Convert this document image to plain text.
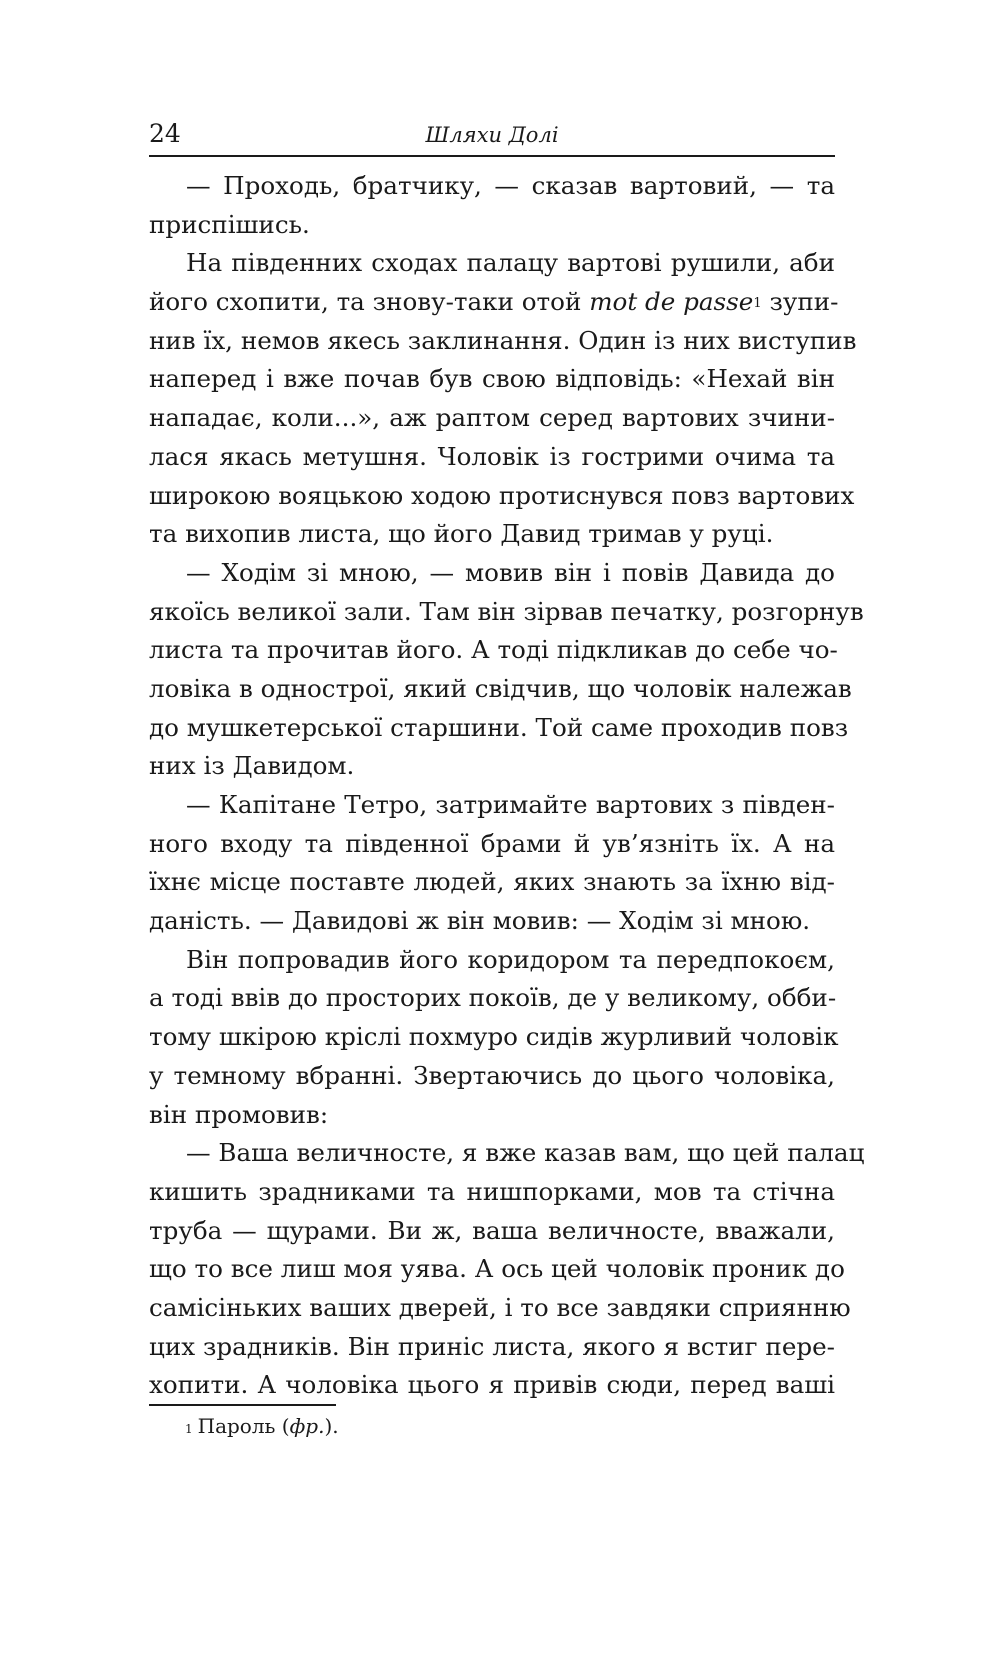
24	Шляхи Долі
— Проходь, братчику, — сказав вартовий, — та
приспішись.
На південних сходах палацу вартові рушили, аби
його схопити, та знову-таки отой mot de passe$^1$ зупи-
нив їх, немов якесь заклинання. Один із них виступив
наперед і вже почав був свою відповідь: «Нехай він
нападає, коли...», аж раптом серед вартових зчини-
лася якась метушня. Чоловік із гострими очима та
широкою вояцькою ходою протиснувся повз вартових
та вихопив листа, що його Давид тримав у руці.
— Ходім зі мною, — мовив він і повів Давида до
якоїсь великої зали. Там він зірвав печатку, розгорнув
листа та прочитав його. А тоді підкликав до себе чо-
ловіка в однострої, який свідчив, що чоловік належав
до мушкетерської старшини. Той саме проходив повз
них із Давидом.
— Капітане Тетро, затримайте вартових з півден-
ного входу та південної брами й ув’язніть їх. А на
їхнє місце поставте людей, яких знають за їхню від-
даність. — Давидові ж він мовив: — Ходім зі мною.
Він попровадив його коридором та передпокоєм,
а тоді ввів до просторих покоїв, де у великому, обби-
тому шкірою кріслі похмуро сидів журливий чоловік
у темному вбранні. Звертаючись до цього чоловіка,
він промовив:
— Ваша величносте, я вже казав вам, що цей палац
кишить зрадниками та нишпорками, мов та стічна
труба — щурами. Ви ж, ваша величносте, вважали,
що то все лиш моя уява. А ось цей чоловік проник до
самісіньких ваших дверей, і то все завдяки сприянню
цих зрадників. Він приніс листа, якого я встиг пере-
хопити. А чоловіка цього я привів сюди, перед ваші
$^1$ Пароль (фр.).
